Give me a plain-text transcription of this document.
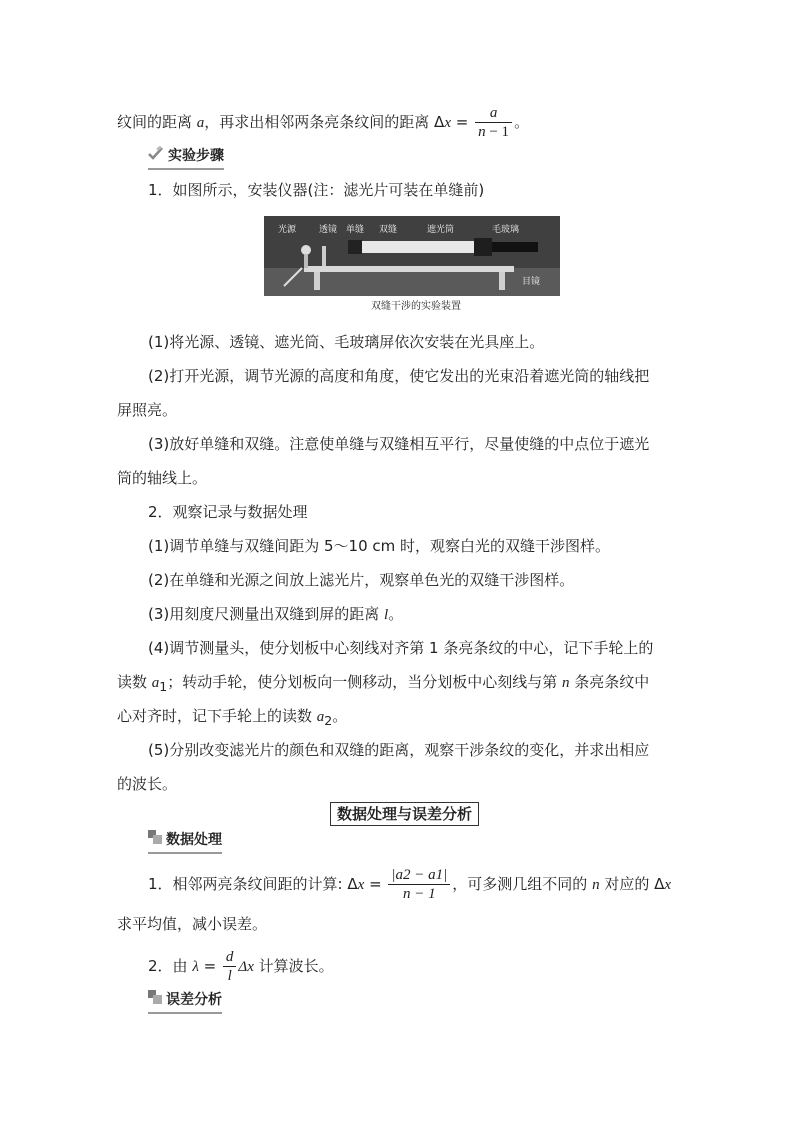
纹间的距离 a，再求出相邻两条亮条纹间的距离 $\Delta x = \frac{a}{n - 1}$ 。
实验步骤
1．如图所示，安装仪器(注：滤光片可装在单缝前)
光源	透镜 单缝 双缝	遮光筒	毛玻璃
目镜
双缝干涉的实验装置
(1)将光源、透镜、遮光筒、毛玻璃屏依次安装在光具座上。
(2)打开光源，调节光源的高度和角度，使它发出的光束沿着遮光筒的轴线把
屏照亮。
(3)放好单缝和双缝。注意使单缝与双缝相互平行，尽量使缝的中点位于遮光
筒的轴线上。
2．观察记录与数据处理
(1)调节单缝与双缝间距为 5～10 cm 时，观察白光的双缝干涉图样。
(2)在单缝和光源之间放上滤光片，观察单色光的双缝干涉图样。
(3)用刻度尺测量出双缝到屏的距离 l。
(4)调节测量头，使分划板中心刻线对齐第 1 条亮条纹的中心，记下手轮上的
读数 $a_1$；转动手轮，使分划板向一侧移动，当分划板中心刻线与第 n 条亮条纹中
心对齐时，记下手轮上的读数 $a_2$。
(5)分别改变滤光片的颜色和双缝的距离，观察干涉条纹的变化，并求出相应
的波长。
数据处理与误差分析
数据处理
1．相邻两亮条纹间距的计算: $\Delta x = \frac{|a2 - a1|}{n - 1}$ ，可多测几组不同的 n 对应的 Δx
求平均值，减小误差。
2．由 $\lambda = \frac{d}{l}$ Δx 计算波长。
误差分析
